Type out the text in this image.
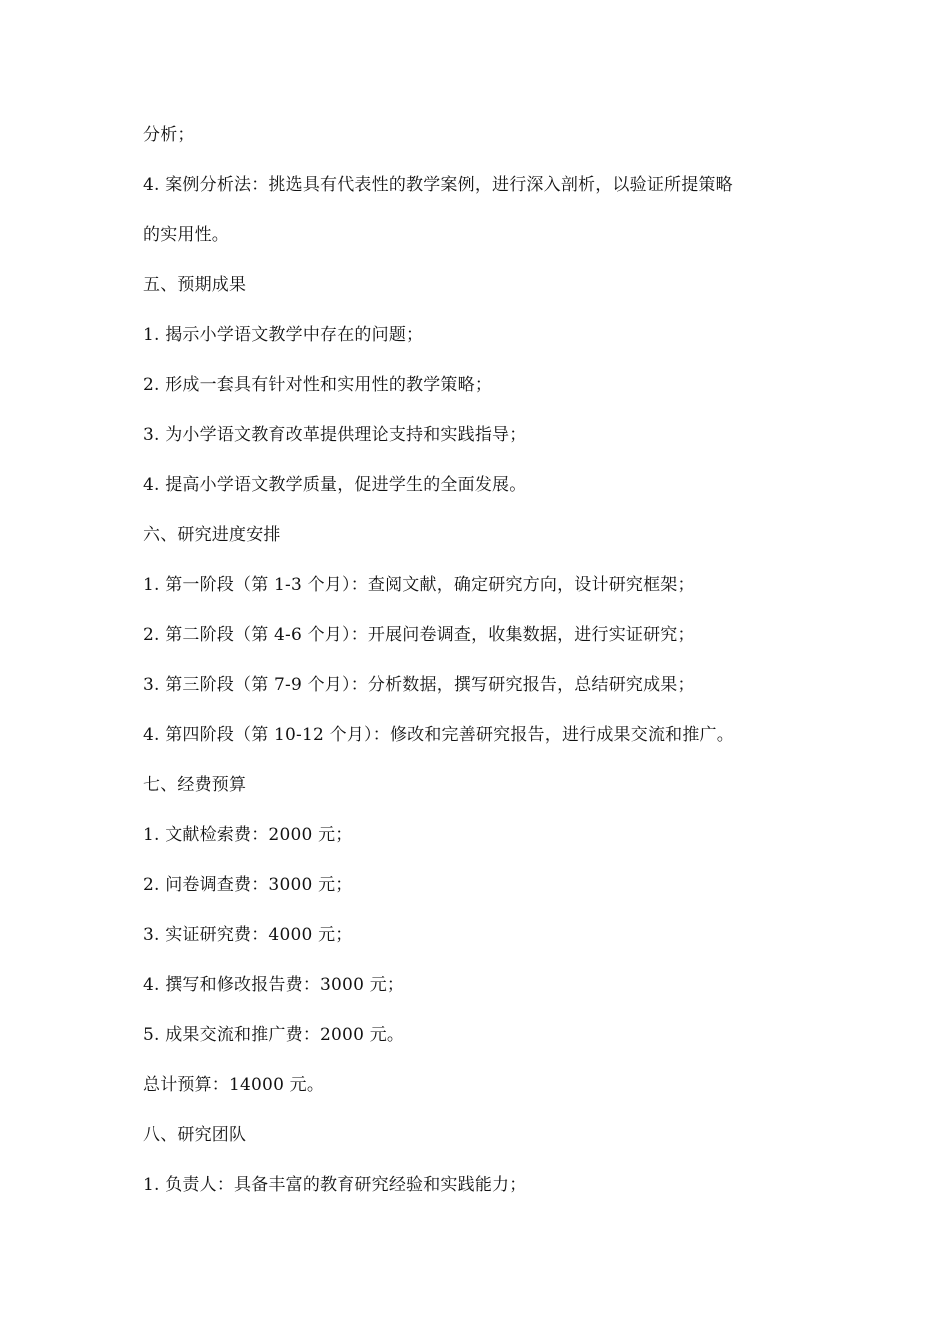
分析；
4. 案例分析法：挑选具有代表性的教学案例，进行深入剖析，以验证所提策略
的实用性。
五、预期成果
1. 揭示小学语文教学中存在的问题；
2. 形成一套具有针对性和实用性的教学策略；
3. 为小学语文教育改革提供理论支持和实践指导；
4. 提高小学语文教学质量，促进学生的全面发展。
六、研究进度安排
1. 第一阶段（第 1-3 个月）：查阅文献，确定研究方向，设计研究框架；
2. 第二阶段（第 4-6 个月）：开展问卷调查，收集数据，进行实证研究；
3. 第三阶段（第 7-9 个月）：分析数据，撰写研究报告，总结研究成果；
4. 第四阶段（第 10-12 个月）：修改和完善研究报告，进行成果交流和推广。
七、经费预算
1. 文献检索费：2000 元；
2. 问卷调查费：3000 元；
3. 实证研究费：4000 元；
4. 撰写和修改报告费：3000 元；
5. 成果交流和推广费：2000 元。
总计预算：14000 元。
八、研究团队
1. 负责人：具备丰富的教育研究经验和实践能力；
